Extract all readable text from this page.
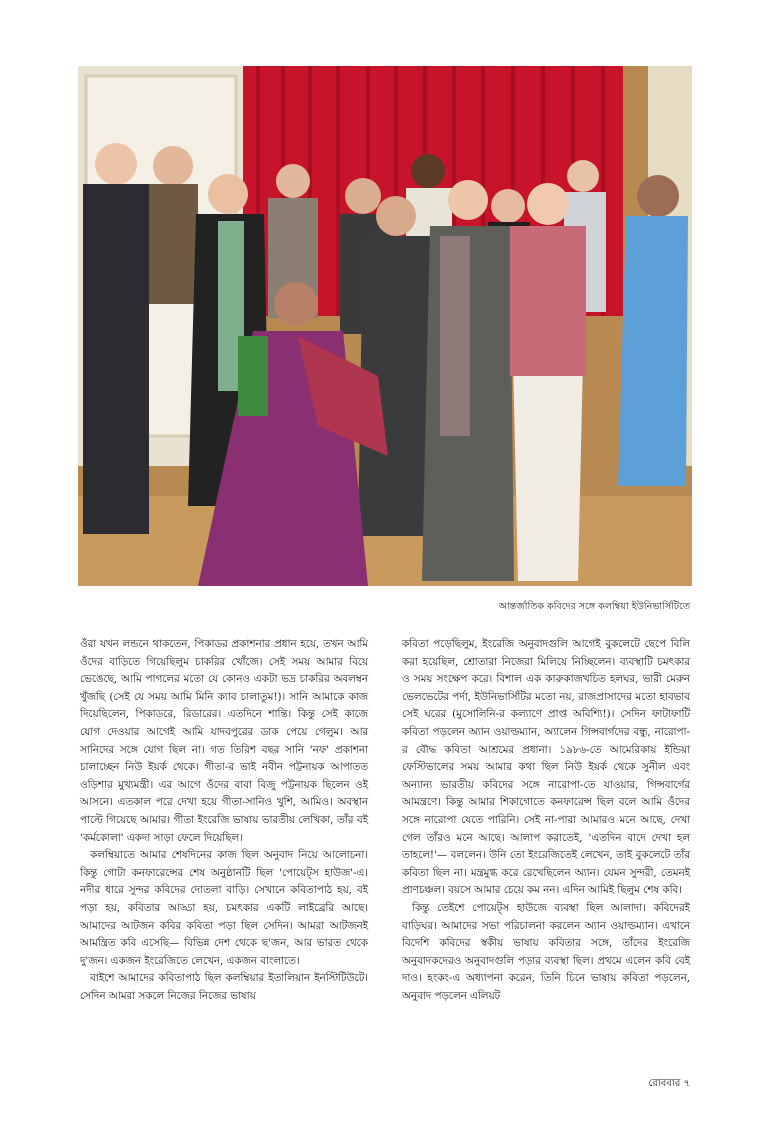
আন্তর্জাতিক কবিদের সঙ্গে কলম্বিয়া ইউনিভার্সিটিতে

ওঁরা যখন লন্ডনে থাকতেন, পিকাডর প্রকাশনার প্রধান হয়ে, তখন আমি ওঁদের বাড়িতে গিয়েছিলুম চাকরির খোঁজে। সেই সময় আমার বিয়ে ভেঙেছে, আমি পাগলের মতো যে কোনও একটা ভদ্র চাকরির অবলম্বন খুঁজছি (সেই যে সময় আমি মিনি ক্যাব চালাতুম!)। সানি আমাকে কাজ দিয়েছিলেন, পিকাডরে, রিডারের। এতদিনে শান্তি। কিন্তু সেই কাজে যোগ দেওয়ার আগেই আমি যাদবপুরের ডাক পেয়ে গেলুম। আর সানিদের সঙ্গে যোগ ছিল না। গত তিরিশ বছর সানি 'নফ' প্রকাশনা চালাচ্ছেন নিউ ইয়র্ক থেকে। গীতা-র ভাই নবীন পট্টনায়ক আপাতত ওড়িশার মুখ্যমন্ত্রী। এর আগে ওঁদের বাবা বিজু পট্টনায়ক ছিলেন ওই আসনে। এতকাল পরে দেখা হয়ে গীতা-সানিও খুশি, আমিও। অবস্থান পাল্টে গিয়েছে আমার। গীতা ইংরেজি ভাষায় ভারতীয় লেখিকা, তাঁর বই 'কর্মকোলা' একদা সাড়া ফেলে দিয়েছিল।

কলম্বিয়াতে আমার শেষদিনের কাজ ছিল অনুবাদ নিয়ে আলোচনা। কিন্তু গোটা কনফারেন্সের শেষ অনুষ্ঠানটি ছিল 'পোয়েট্স হাউজ'-এ। নদীর ধারে সুন্দর কবিদের দোতলা বাড়ি। সেখানে কবিতাপাঠ হয়, বই পড়া হয়, কবিতার আড্ডা হয়, চমৎকার একটি লাইব্রেরি আছে। আমাদের আটজন কবির কবিতা পড়া ছিল সেদিন। আমরা আটজনই আমন্ত্রিত কবি এসেছি— বিভিন্ন দেশ থেকে ছ'জন, আর ভারত থেকে দু'জন। একজন ইংরেজিতে লেখেন, একজন বাংলাতে।

বাইশে আমাদের কবিতাপাঠ ছিল কলম্বিয়ার ইতালিয়ান ইনস্টিটিউটে। সেদিন আমরা সকলে নিজের নিজের ভাষায়

কবিতা পড়েছিলুম, ইংরেজি অনুবাদগুলি আগেই বুকলেটে ছেপে বিলি করা হয়েছিল, শ্রোতারা নিজেরা মিলিয়ে নিচ্ছিলেন। ব্যবস্থাটি চমৎকার ও সময় সংক্ষেপ করে। বিশাল এক কারুকাজখচিত হলঘর, ভারী মেরুন ভেলভেটের পর্দা, ইউনিভার্সিটির মতো নয়, রাজপ্রাসাদের মতো হাবভাব সেই ঘরের (মুসোলিনি-র কল্যাণে প্রাপ্ত অবিশ্যি!)। সেদিন ফাটাফাটি কবিতা পড়লেন অ্যান ওয়াল্ডম্যান, অ্যালেন গিন্সবার্গদের বন্ধু, নারোপা-র বৌদ্ধ কবিতা আশ্রমের প্রধানা। ১৯৮৬-তে আমেরিকায় ইন্ডিয়া ফেস্টিভালের সময় আমার কথা ছিল নিউ ইয়র্ক থেকে সুনীল এবং অন্যান্য ভারতীয় কবিদের সঙ্গে নারোপা-তে যাওয়ার, গিন্সবার্গের আমন্ত্রণে। কিন্তু আমার শিকাগোতে কনফারেন্স ছিল বলে আমি ওঁদের সঙ্গে নারোপা যেতে পারিনি। সেই না-পারা আমারও মনে আছে, দেখা গেল তাঁরও মনে আছে। আলাপ করাতেই, 'এতদিন বাদে দেখা হল তাহলে!'— বললেন। উনি তো ইংরেজিতেই লেখেন, তাই বুকলেটে তাঁর কবিতা ছিল না। মন্ত্রমুগ্ধ করে রেখেছিলেন অ্যান। যেমন সুন্দরী, তেমনই প্রাণচঞ্চল। বয়সে আমার চেয়ে কম নন। এদিন আমিই ছিলুম শেষ কবি।

কিন্তু তেইশে পোয়েট্স হাউজে ব্যবস্থা ছিল আলাদা। কবিদেরই বাড়িঘর। আমাদের সভা পরিচালনা করলেন অ্যান ওয়াল্ডম্যান। এখানে বিদেশি কবিদের স্বকীয় ভাষায় কবিতার সঙ্গে, তাঁদের ইংরেজি অনুবাদকদেরও অনুবাদগুলি পড়ার ব্যবস্থা ছিল। প্রথমে এলেন কবি বেই দাও। হংকং-এ অধ্যাপনা করেন, তিনি চিনে ভাষায় কবিতা পড়লেন, অনুবাদ পড়লেন এলিয়ট

রোববার ৭
